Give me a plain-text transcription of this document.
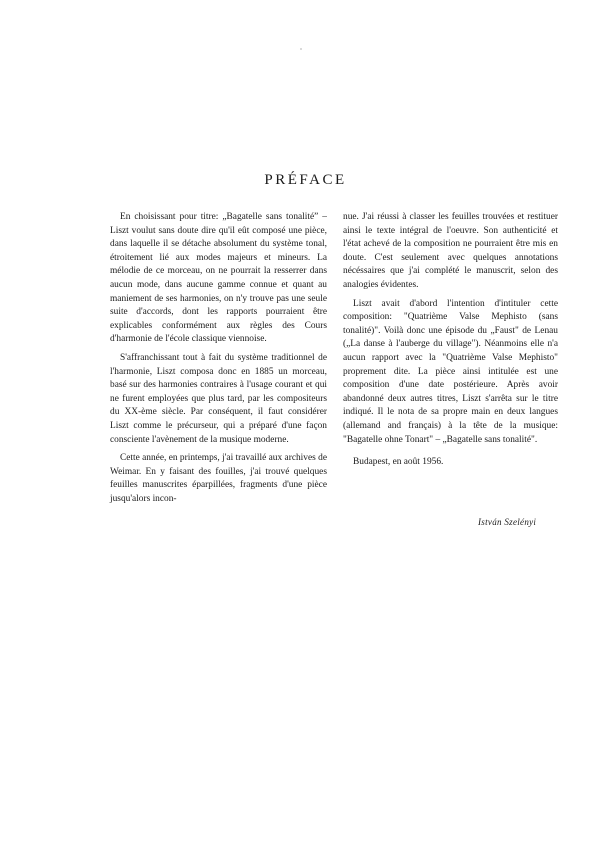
PRÉFACE

En choisissant pour titre: „Bagatelle sans tonalité” – Liszt voulut sans doute dire qu'il eût composé une pièce, dans laquelle il se détache absolument du système tonal, étroitement lié aux modes majeurs et mineurs. La mélodie de ce morceau, on ne pourrait la resserrer dans aucun mode, dans aucune gamme connue et quant au maniement de ses harmonies, on n'y trouve pas une seule suite d'accords, dont les rapports pourraient être explicables conformément aux règles des Cours d'harmonie de l'école classique viennoise.

S'affranchissant tout à fait du système traditionnel de l'harmonie, Liszt composa donc en 1885 un morceau, basé sur des harmonies contraires à l'usage courant et qui ne furent employées que plus tard, par les compositeurs du XX-ème siècle. Par conséquent, il faut considérer Liszt comme le précurseur, qui a préparé d'une façon consciente l'avènement de la musique moderne.

Cette année, en printemps, j'ai travaillé aux archives de Weimar. En y faisant des fouilles, j'ai trouvé quelques feuilles manuscrites éparpillées, fragments d'une pièce jusqu'alors incon-

nue. J'ai réussi à classer les feuilles trouvées et restituer ainsi le texte intégral de l'oeuvre. Son authenticité et l'état achevé de la composition ne pourraient être mis en doute. C'est seulement avec quelques annotations nécéssaires que j'ai complété le manuscrit, selon des analogies évidentes.

Liszt avait d'abord l'intention d'intituler cette composition: "Quatrième Valse Mephisto (sans tonalité)". Voilà donc une épisode du „Faust" de Lenau („La danse à l'auberge du village"). Néanmoins elle n'a aucun rapport avec la "Quatrième Valse Mephisto" proprement dite. La pièce ainsi intitulée est une composition d'une date postérieure. Après avoir abandonné deux autres titres, Liszt s'arrêta sur le titre indiqué. Il le nota de sa propre main en deux langues (allemand and français) à la tête de la musique: "Bagatelle ohne Tonart" – „Bagatelle sans tonalité".

Budapest, en août 1956.

István Szelényi
